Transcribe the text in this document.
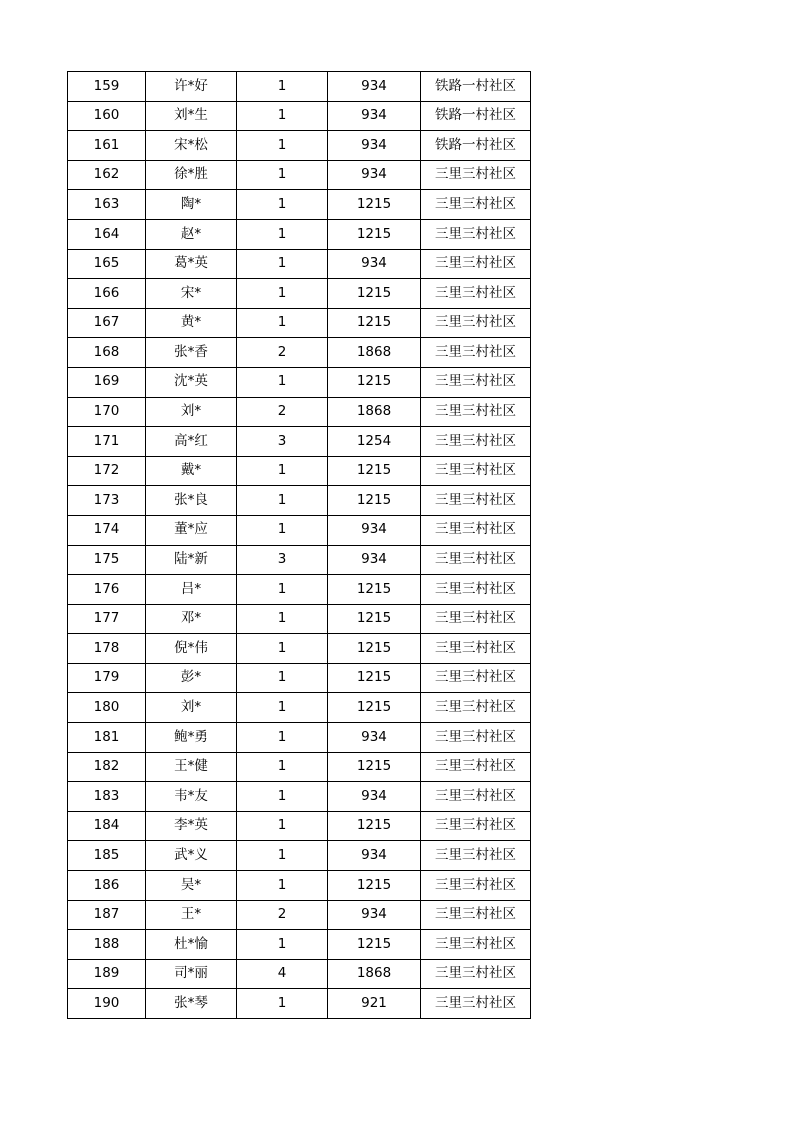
159	许*好	1	934	铁路一村社区
160	刘*生	1	934	铁路一村社区
161	宋*松	1	934	铁路一村社区
162	徐*胜	1	934	三里三村社区
163	陶*	1	1215	三里三村社区
164	赵*	1	1215	三里三村社区
165	葛*英	1	934	三里三村社区
166	宋*	1	1215	三里三村社区
167	黄*	1	1215	三里三村社区
168	张*香	2	1868	三里三村社区
169	沈*英	1	1215	三里三村社区
170	刘*	2	1868	三里三村社区
171	高*红	3	1254	三里三村社区
172	戴*	1	1215	三里三村社区
173	张*良	1	1215	三里三村社区
174	董*应	1	934	三里三村社区
175	陆*新	3	934	三里三村社区
176	吕*	1	1215	三里三村社区
177	邓*	1	1215	三里三村社区
178	倪*伟	1	1215	三里三村社区
179	彭*	1	1215	三里三村社区
180	刘*	1	1215	三里三村社区
181	鲍*勇	1	934	三里三村社区
182	王*健	1	1215	三里三村社区
183	韦*友	1	934	三里三村社区
184	李*英	1	1215	三里三村社区
185	武*义	1	934	三里三村社区
186	吴*	1	1215	三里三村社区
187	王*	2	934	三里三村社区
188	杜*愉	1	1215	三里三村社区
189	司*丽	4	1868	三里三村社区
190	张*琴	1	921	三里三村社区
